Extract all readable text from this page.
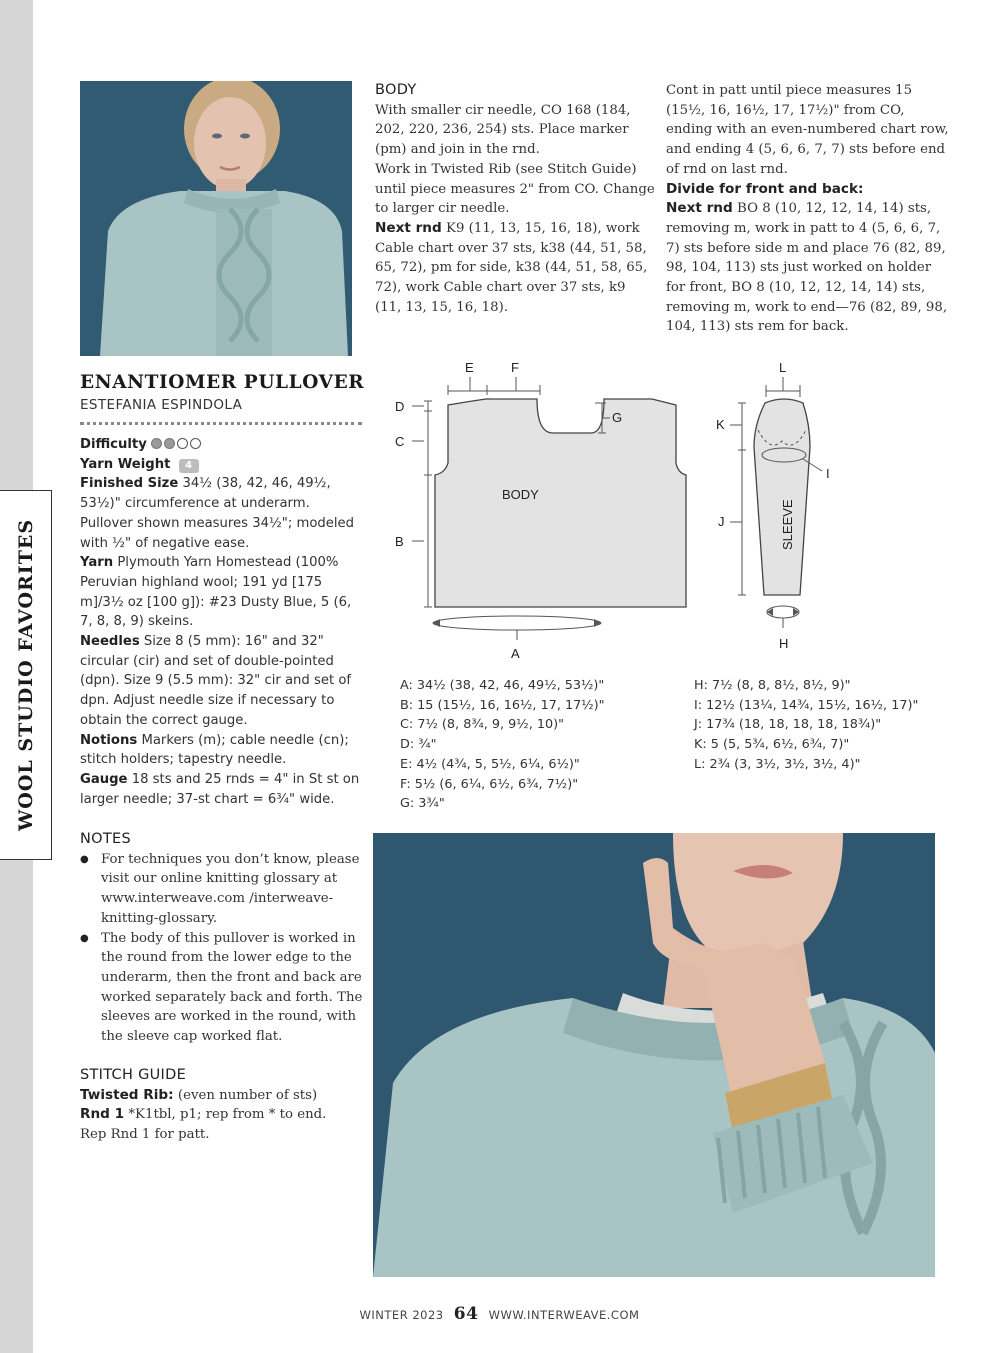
WOOL STUDIO FAVORITES
ENANTIOMER PULLOVER
ESTEFANIA ESPINDOLA

Difficulty

Yarn Weight 4

Finished Size 34½ (38, 42, 46, 49½, 53½)" circumference at underarm. Pullover shown measures 34½"; modeled with ½" of negative ease.

Yarn Plymouth Yarn Homestead (100% Peruvian highland wool; 191 yd [175 m]/3½ oz [100 g]): #23 Dusty Blue, 5 (6, 7, 8, 8, 9) skeins.

Needles Size 8 (5 mm): 16" and 32" circular (cir) and set of double-pointed (dpn). Size 9 (5.5 mm): 32" cir and set of dpn. Adjust needle size if necessary to obtain the correct gauge.

Notions Markers (m); cable needle (cn); stitch holders; tapestry needle.

Gauge 18 sts and 25 rnds = 4" in St st on larger needle; 37-st chart = 6¾" wide.

NOTES
● For techniques you don’t know, please visit our online knitting glossary at www.interweave.com /interweave-knitting-glossary.
● The body of this pullover is worked in the round from the lower edge to the underarm, then the front and back are worked separately back and forth. The sleeves are worked in the round, with the sleeve cap worked flat.
STITCH GUIDE
Twisted Rib: (even number of sts)
Rnd 1 *K1tbl, p1; rep from * to end.
Rep Rnd 1 for patt.
BODY
With smaller cir needle, CO 168 (184, 202, 220, 236, 254) sts. Place marker (pm) and join in the rnd.
Work in Twisted Rib (see Stitch Guide) until piece measures 2" from CO. Change to larger cir needle.
Next rnd K9 (11, 13, 15, 16, 18), work Cable chart over 37 sts, k38 (44, 51, 58, 65, 72), pm for side, k38 (44, 51, 58, 65, 72), work Cable chart over 37 sts, k9 (11, 13, 15, 16, 18).
Cont in patt until piece measures 15 (15½, 16, 16½, 17, 17½)" from CO, ending with an even-numbered chart row, and ending 4 (5, 6, 6, 7, 7) sts before end of rnd on last rnd.
Divide for front and back:
Next rnd BO 8 (10, 12, 12, 14, 14) sts, removing m, work in patt to 4 (5, 6, 6, 7, 7) sts before side m and place 76 (82, 89, 98, 104, 113) sts just worked on holder for front, BO 8 (10, 12, 12, 14, 14) sts, removing m, work to end—76 (82, 89, 98, 104, 113) sts rem for back.
BODY
D
C
B
E	F
G
A
SLEEVE
L
K
J
I
H
A: 34½ (38, 42, 46, 49½, 53½)"
B: 15 (15½, 16, 16½, 17, 17½)"
C: 7½ (8, 8¾, 9, 9½, 10)"
D: ¾"
E: 4½ (4¾, 5, 5½, 6¼, 6½)"
F: 5½ (6, 6¼, 6½, 6¾, 7½)"
G: 3¾"
H: 7½ (8, 8, 8½, 8½, 9)"
I: 12½ (13¼, 14¾, 15½, 16½, 17)"
J: 17¾ (18, 18, 18, 18, 18¾)"
K: 5 (5, 5¾, 6½, 6¾, 7)"
L: 2¾ (3, 3½, 3½, 3½, 4)"
WINTER 2023 64 WWW.INTERWEAVE.COM
